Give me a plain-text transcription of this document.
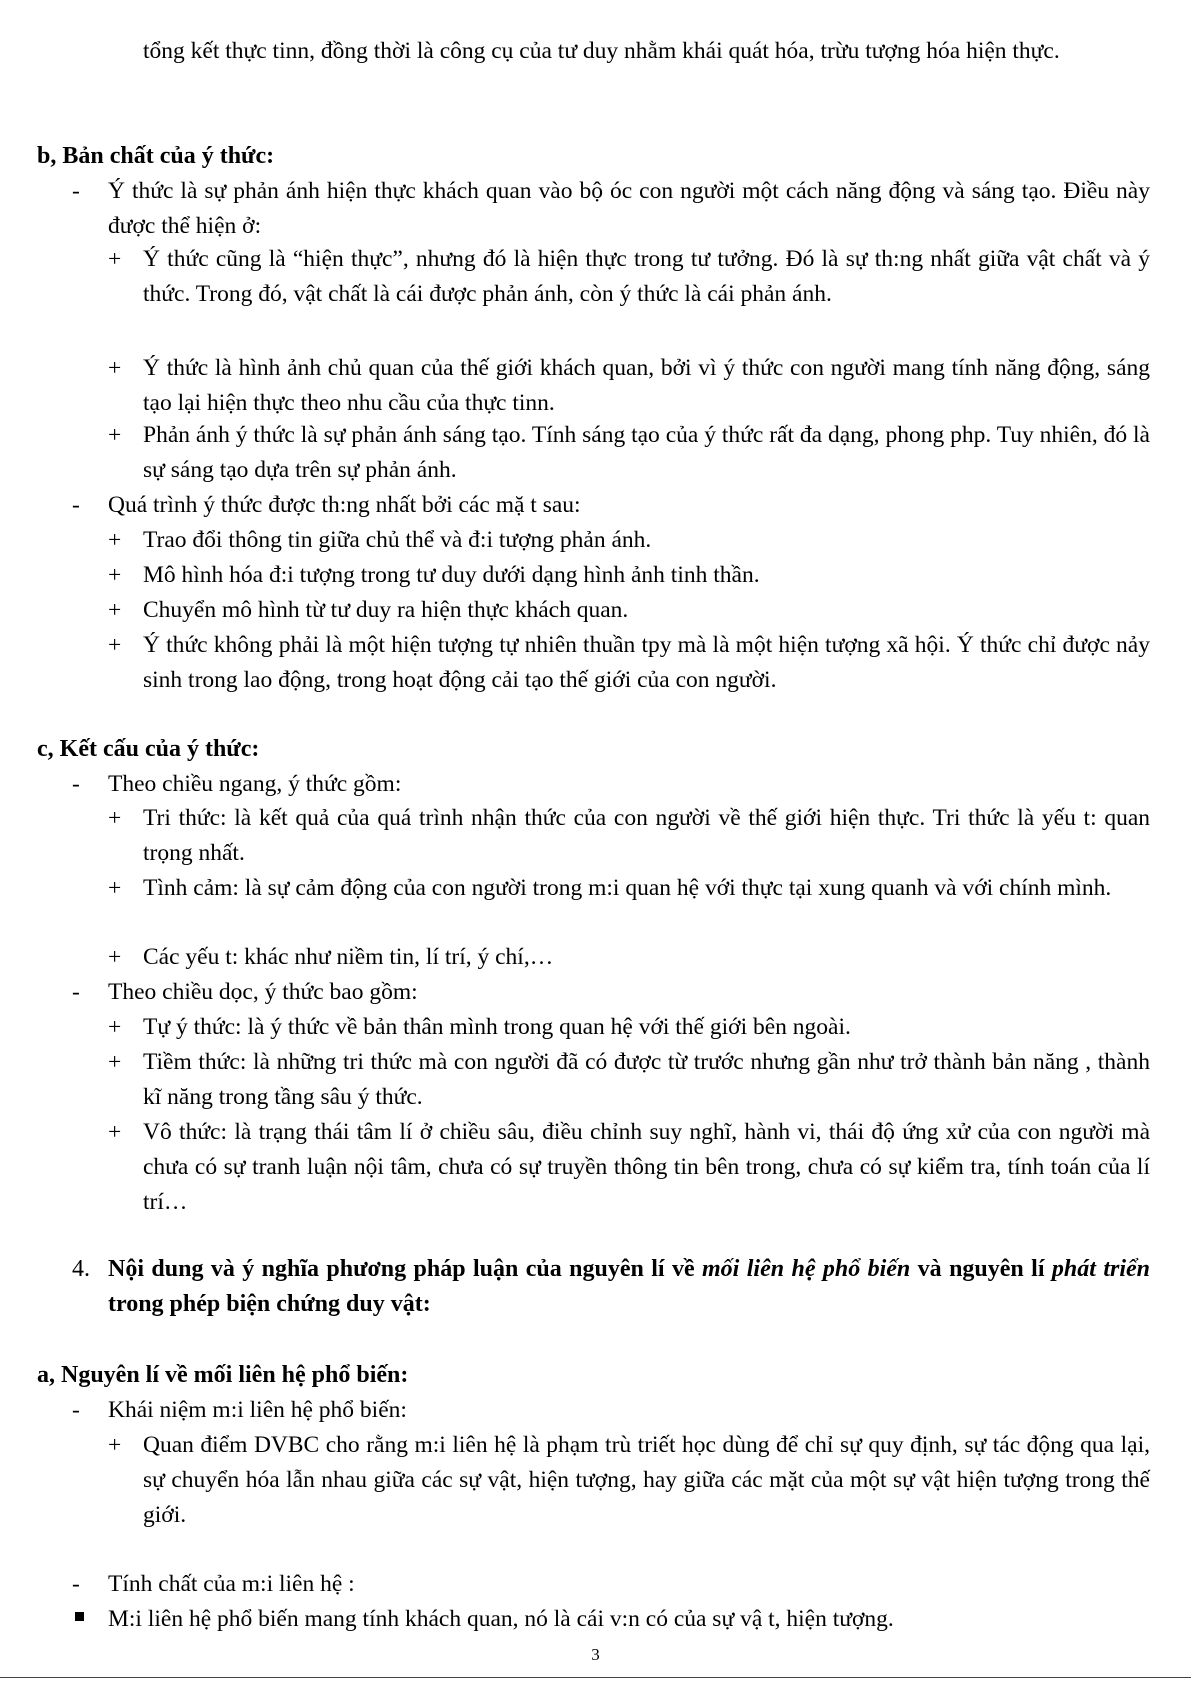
tổng kết thực tinn, đồng thời là công cụ của tư duy nhằm khái quát hóa, trừu tượng hóa hiện thực.

b, Bản chất của ý thức:
- Ý thức là sự phản ánh hiện thực khách quan vào bộ óc con người một cách năng động và sáng tạo. Điều này được thể hiện ở:

+ Ý thức cũng là “hiện thực”, nhưng đó là hiện thực trong tư tưởng. Đó là sự th:ng nhất giữa vật chất và ý thức. Trong đó, vật chất là cái được phản ánh, còn ý thức là cái phản ánh.

+ Ý thức là hình ảnh chủ quan của thế giới khách quan, bởi vì ý thức con người mang tính năng động, sáng tạo lại hiện thực theo nhu cầu của thực tinn.

+ Phản ánh ý thức là sự phản ánh sáng tạo. Tính sáng tạo của ý thức rất đa dạng, phong php. Tuy nhiên, đó là sự sáng tạo dựa trên sự phản ánh.

- Quá trình ý thức được th:ng nhất bởi các mặ t sau:

+ Trao đổi thông tin giữa chủ thể và đ:i tượng phản ánh.

+ Mô hình hóa đ:i tượng trong tư duy dưới dạng hình ảnh tinh thần.

+ Chuyển mô hình từ tư duy ra hiện thực khách quan.

+ Ý thức không phải là một hiện tượng tự nhiên thuần tpy mà là một hiện tượng xã hội. Ý thức chỉ được nảy sinh trong lao động, trong hoạt động cải tạo thế giới của con người.

c, Kết cấu của ý thức:
- Theo chiều ngang, ý thức gồm:

+ Tri thức: là kết quả của quá trình nhận thức của con người về thế giới hiện thực. Tri thức là yếu t: quan trọng nhất.

+ Tình cảm: là sự cảm động của con người trong m:i quan hệ với thực tại xung quanh và với chính mình.

+ Các yếu t: khác như niềm tin, lí trí, ý chí,…

- Theo chiều dọc, ý thức bao gồm:

+ Tự ý thức: là ý thức về bản thân mình trong quan hệ với thế giới bên ngoài.

+ Tiềm thức: là những tri thức mà con người đã có được từ trước nhưng gần như trở thành bản năng , thành kĩ năng trong tầng sâu ý thức.

+ Vô thức: là trạng thái tâm lí ở chiều sâu, điều chỉnh suy nghĩ, hành vi, thái độ ứng xử của con người mà chưa có sự tranh luận nội tâm, chưa có sự truyền thông tin bên trong, chưa có sự kiểm tra, tính toán của lí trí…

4. Nội dung và ý nghĩa phương pháp luận của nguyên lí về mối liên hệ phổ biến và nguyên lí phát triển trong phép biện chứng duy vật:

a, Nguyên lí về mối liên hệ phổ biến:
- Khái niệm m:i liên hệ phổ biến:

+ Quan điểm DVBC cho rằng m:i liên hệ là phạm trù triết học dùng để chỉ sự quy định, sự tác động qua lại, sự chuyển hóa lẫn nhau giữa các sự vật, hiện tượng, hay giữa các mặt của một sự vật hiện tượng trong thế giới.

- Tính chất của m:i liên hệ :

M:i liên hệ phổ biến mang tính khách quan, nó là cái v:n có của sự vậ t, hiện tượng.

3
